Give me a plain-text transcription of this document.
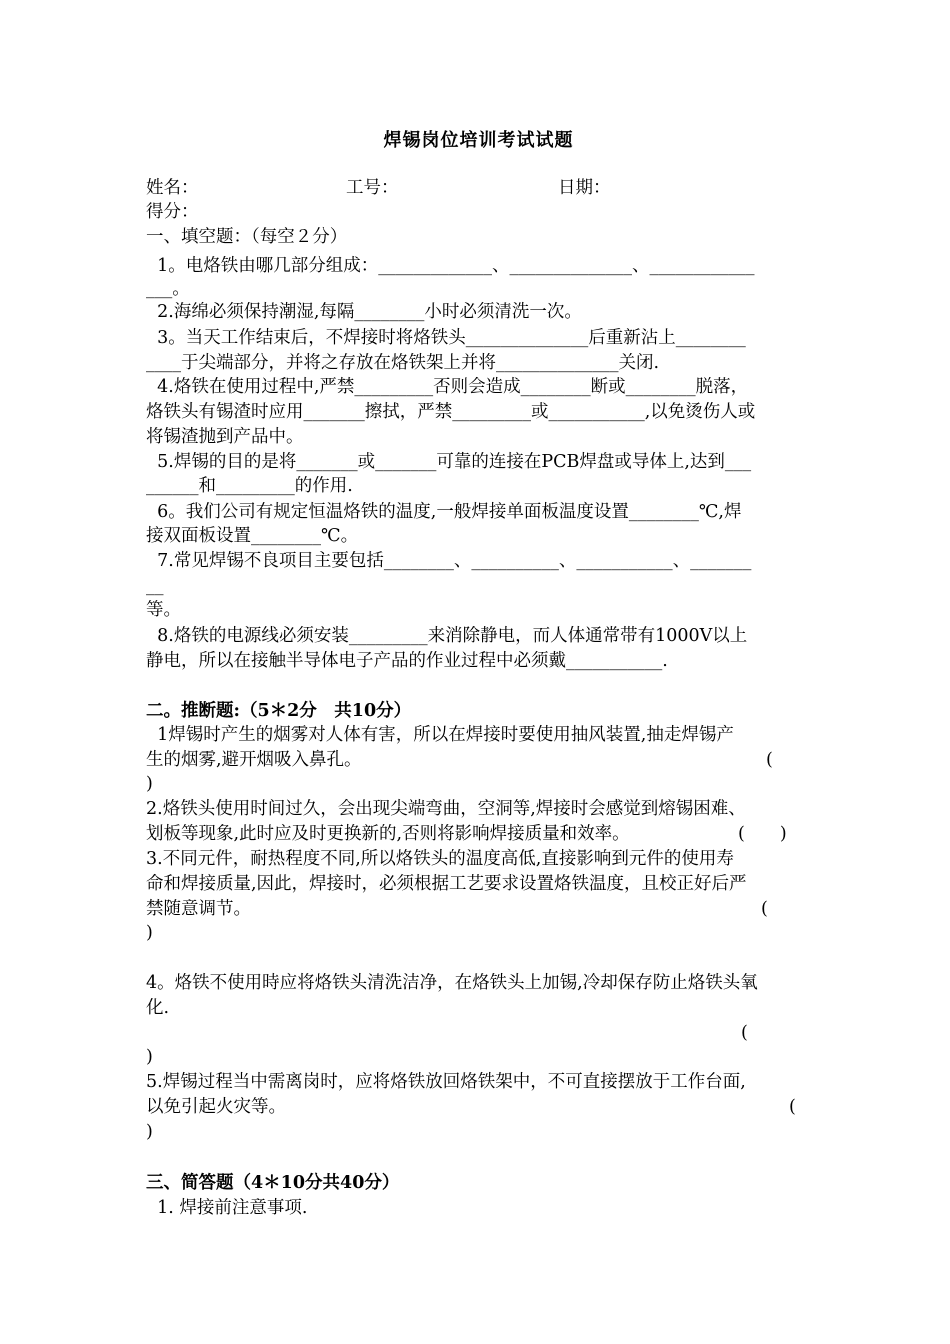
焊锡岗位培训考试试题
姓名：	工号：	日期：
得分：
一、填空题：（每空２分）
1。电烙铁由哪几部分组成：_____________、______________、____________
___。
2.海绵必须保持潮湿,每隔________小时必须清洗一次。
3。当天工作结束后，不焊接时将烙铁头______________后重新沾上________
____于尖端部分，并将之存放在烙铁架上并将______________关闭.
4.烙铁在使用过程中,严禁_________否则会造成________断或________脱落，
烙铁头有锡渣时应用_______擦拭，严禁_________或___________,以免烫伤人或
将锡渣抛到产品中。
5.焊锡的目的是将_______或_______可靠的连接在PCB焊盘或导体上,达到___
______和_________的作用.
6。我们公司有规定恒温烙铁的温度,一般焊接单面板温度设置________℃,焊
接双面板设置________℃。
7.常见焊锡不良项目主要包括________、__________、___________、_______
__
等。
8.烙铁的电源线必须安装_________来消除静电，而人体通常带有1000V以上
静电，所以在接触半导体电子产品的作业过程中必须戴___________.
二。推断题:（5＊2分　共10分）
1焊锡时产生的烟雾对人体有害，所以在焊接时要使用抽风装置,抽走焊锡产
生的烟雾,避开烟吸入鼻孔。	(
)
2.烙铁头使用时间过久，会出现尖端弯曲，空洞等,焊接时会感觉到熔锡困难、
划板等现象,此时应及时更换新的,否则将影响焊接质量和效率。	(　　)
3.不同元件，耐热程度不同,所以烙铁头的温度高低,直接影响到元件的使用寿
命和焊接质量,因此，焊接时，必须根据工艺要求设置烙铁温度，且校正好后严
禁随意调节。	(
)
4。烙铁不使用時应将烙铁头清洗洁净，在烙铁头上加锡,冷却保存防止烙铁头氧
化.
(
)
5.焊锡过程当中需离岗时，应将烙铁放回烙铁架中，不可直接摆放于工作台面,
以免引起火灾等。	(
)
三、简答题（4＊10分共40分）
1. 焊接前注意事项.
